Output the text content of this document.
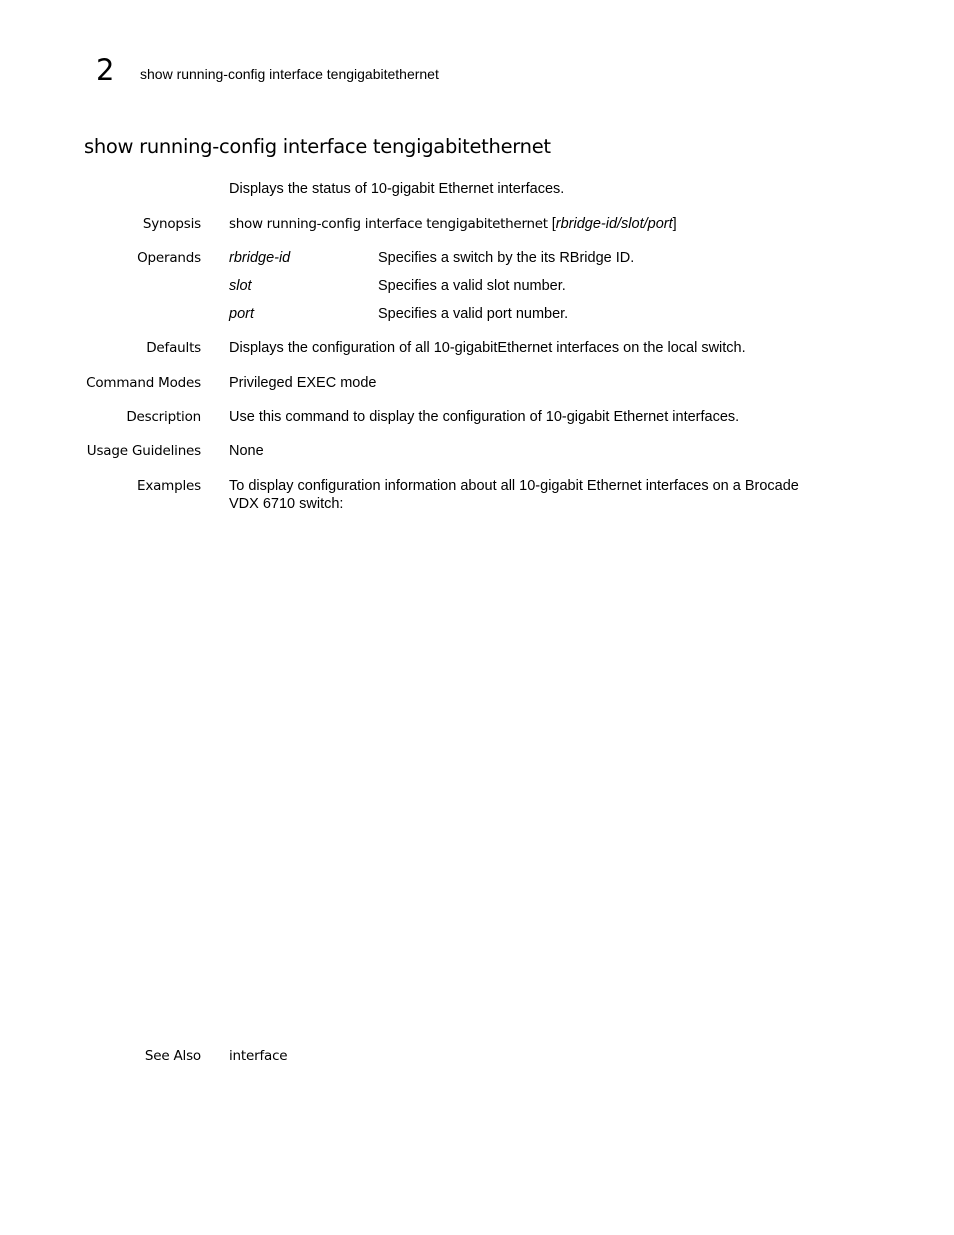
2 show running-config interface tengigabitethernet
show running-config interface tengigabitethernet
Displays the status of 10-gigabit Ethernet interfaces.
Synopsis show running-config interface tengigabitethernet [rbridge-id/slot/port]
Operands rbridge-id	Specifies a switch by the its RBridge ID.
slot	Specifies a valid slot number.
port	Specifies a valid port number.
Defaults Displays the configuration of all 10-gigabitEthernet interfaces on the local switch.
Command Modes Privileged EXEC mode
Description Use this command to display the configuration of 10-gigabit Ethernet interfaces.
Usage Guidelines None
Examples To display configuration information about all 10-gigabit Ethernet interfaces on a Brocade VDX 6710 switch:
See Also interface
